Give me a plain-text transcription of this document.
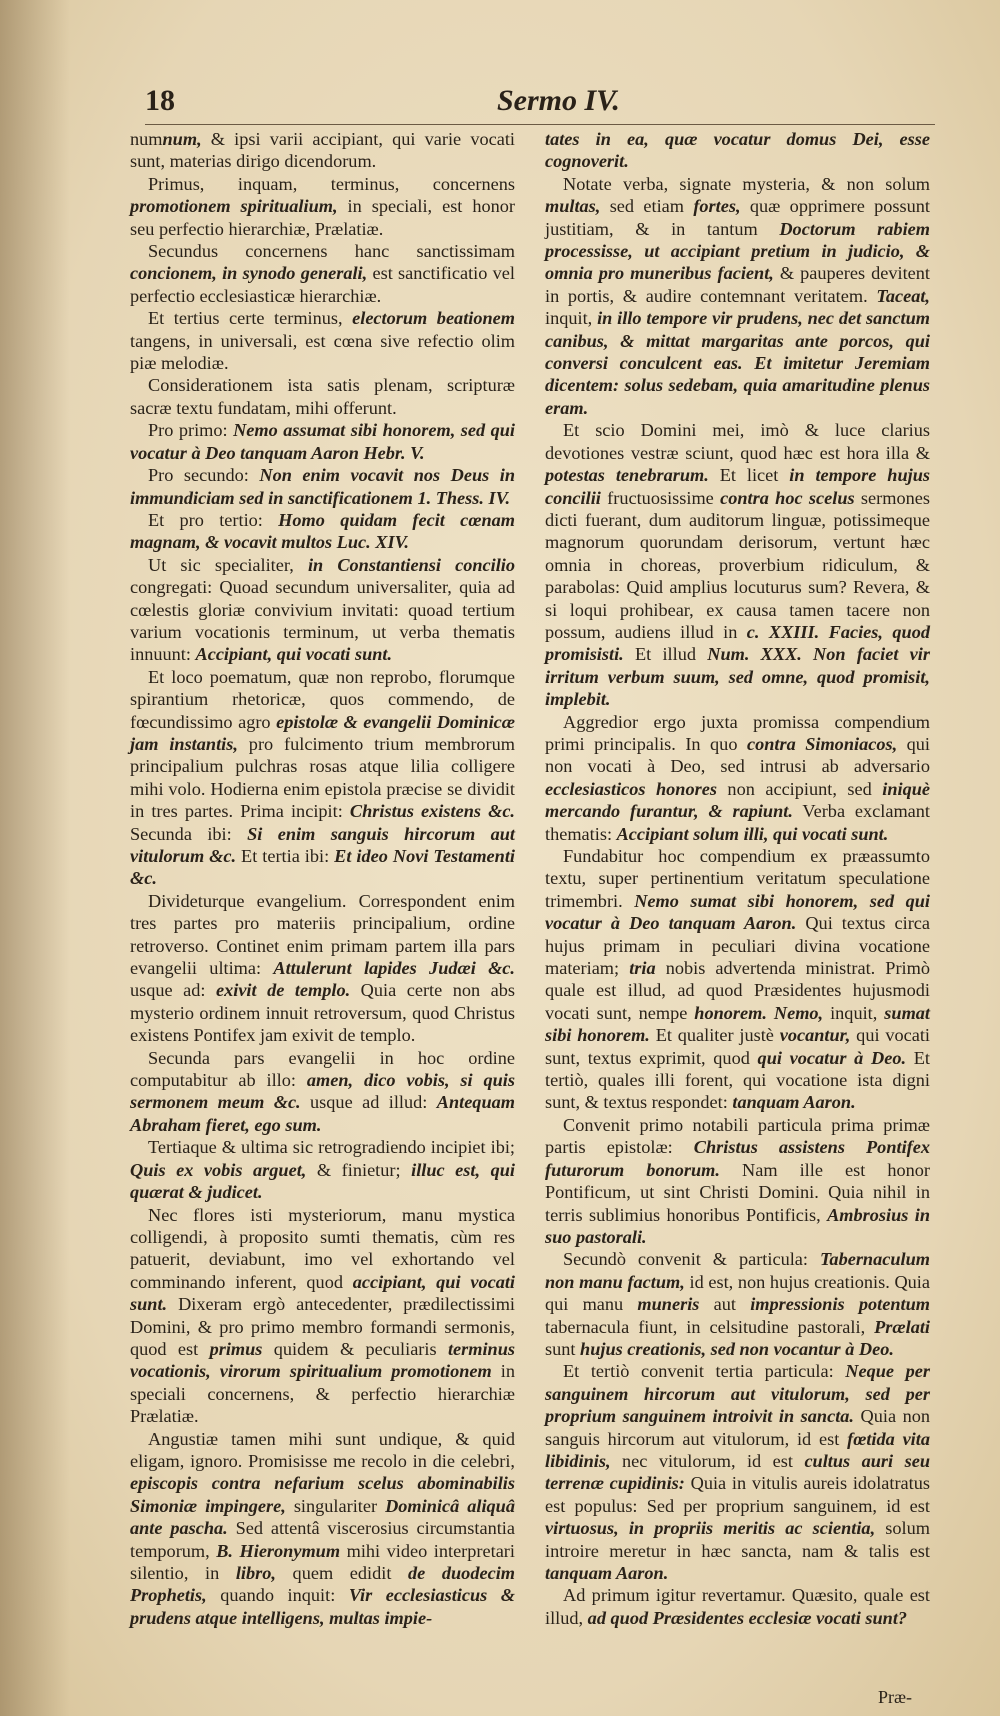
18	Sermo IV.

numnum, & ipsi varii accipiant, qui varie vocati sunt, materias dirigo dicendorum.

Primus, inquam, terminus, concernens promotionem spiritualium, in speciali, est honor seu perfectio hierarchiæ, Prælatiæ.

Secundus concernens hanc sanctissimam concionem, in synodo generali, est sanctificatio vel perfectio ecclesiasticæ hierarchiæ.

Et tertius certe terminus, electorum beationem tangens, in universali, est cœna sive refectio olim piæ melodiæ.

Considerationem ista satis plenam, scripturæ sacræ textu fundatam, mihi offerunt.

Pro primo: Nemo assumat sibi honorem, sed qui vocatur à Deo tanquam Aaron Hebr. V.

Pro secundo: Non enim vocavit nos Deus in immundiciam sed in sanctificationem 1. Thess. IV.

Et pro tertio: Homo quidam fecit cœnam magnam, & vocavit multos Luc. XIV.

Ut sic specialiter, in Constantiensi concilio congregati: Quoad secundum universaliter, quia ad cœlestis gloriæ convivium invitati: quoad tertium varium vocationis terminum, ut verba thematis innuunt: Accipiant, qui vocati sunt.

Et loco poematum, quæ non reprobo, florumque spirantium rhetoricæ, quos commendo, de fœcundissimo agro epistolæ & evangelii Dominicæ jam instantis, pro fulcimento trium membrorum principalium pulchras rosas atque lilia colligere mihi volo. Hodierna enim epistola præcise se dividit in tres partes. Prima incipit: Christus existens &c. Secunda ibi: Si enim sanguis hircorum aut vitulorum &c. Et tertia ibi: Et ideo Novi Testamenti &c.

Divideturque evangelium. Correspondent enim tres partes pro materiis principalium, ordine retroverso. Continet enim primam partem illa pars evangelii ultima: Attulerunt lapides Judæi &c. usque ad: exivit de templo. Quia certe non abs mysterio ordinem innuit retroversum, quod Christus existens Pontifex jam exivit de templo.

Secunda pars evangelii in hoc ordine computabitur ab illo: amen, dico vobis, si quis sermonem meum &c. usque ad illud: Antequam Abraham fieret, ego sum.

Tertiaque & ultima sic retrogradiendo incipiet ibi; Quis ex vobis arguet, & finietur; illuc est, qui quærat & judicet.

Nec flores isti mysteriorum, manu mystica colligendi, à proposito sumti thematis, cùm res patuerit, deviabunt, imo vel exhortando vel comminando inferent, quod accipiant, qui vocati sunt. Dixeram ergò antecedenter, prædilectissimi Domini, & pro primo membro formandi sermonis, quod est primus quidem & peculiaris terminus vocationis, virorum spiritualium promotionem in speciali concernens, & perfectio hierarchiæ Prælatiæ.

Angustiæ tamen mihi sunt undique, & quid eligam, ignoro. Promisisse me recolo in die celebri, episcopis contra nefarium scelus abominabilis Simoniæ impingere, singulariter Dominicâ aliquâ ante pascha. Sed attentâ viscerosius circumstantia temporum, B. Hieronymum mihi video interpretari silentio, in libro, quem edidit de duodecim Prophetis, quando inquit: Vir ecclesiasticus & prudens atque intelligens, multas impie-

tates in ea, quæ vocatur domus Dei, esse cognoverit.

Notate verba, signate mysteria, & non solum multas, sed etiam fortes, quæ opprimere possunt justitiam, & in tantum Doctorum rabiem processisse, ut accipiant pretium in judicio, & omnia pro muneribus facient, & pauperes devitent in portis, & audire contemnant veritatem. Taceat, inquit, in illo tempore vir prudens, nec det sanctum canibus, & mittat margaritas ante porcos, qui conversi conculcent eas. Et imitetur Jeremiam dicentem: solus sedebam, quia amaritudine plenus eram.

Et scio Domini mei, imò & luce clarius devotiones vestræ sciunt, quod hæc est hora illa & potestas tenebrarum. Et licet in tempore hujus concilii fructuosissime contra hoc scelus sermones dicti fuerant, dum auditorum linguæ, potissimeque magnorum quorundam derisorum, vertunt hæc omnia in choreas, proverbium ridiculum, & parabolas: Quid amplius locuturus sum? Revera, & si loqui prohibear, ex causa tamen tacere non possum, audiens illud in c. XXIII. Facies, quod promisisti. Et illud Num. XXX. Non faciet vir irritum verbum suum, sed omne, quod promisit, implebit.

Aggredior ergo juxta promissa compendium primi principalis. In quo contra Simoniacos, qui non vocati à Deo, sed intrusi ab adversario ecclesiasticos honores non accipiunt, sed iniquè mercando furantur, & rapiunt. Verba exclamant thematis: Accipiant solum illi, qui vocati sunt.

Fundabitur hoc compendium ex præassumto textu, super pertinentium veritatum speculatione trimembri. Nemo sumat sibi honorem, sed qui vocatur à Deo tanquam Aaron. Qui textus circa hujus primam in peculiari divina vocatione materiam; tria nobis advertenda ministrat. Primò quale est illud, ad quod Præsidentes hujusmodi vocati sunt, nempe honorem. Nemo, inquit, sumat sibi honorem. Et qualiter justè vocantur, qui vocati sunt, textus exprimit, quod qui vocatur à Deo. Et tertiò, quales illi forent, qui vocatione ista digni sunt, & textus respondet: tanquam Aaron.

Convenit primo notabili particula prima primæ partis epistolæ: Christus assistens Pontifex futurorum bonorum. Nam ille est honor Pontificum, ut sint Christi Domini. Quia nihil in terris sublimius honoribus Pontificis, Ambrosius in suo pastorali.

Secundò convenit & particula: Tabernaculum non manu factum, id est, non hujus creationis. Quia qui manu muneris aut impressionis potentum tabernacula fiunt, in celsitudine pastorali, Prælati sunt hujus creationis, sed non vocantur à Deo.

Et tertiò convenit tertia particula: Neque per sanguinem hircorum aut vitulorum, sed per proprium sanguinem introivit in sancta. Quia non sanguis hircorum aut vitulorum, id est fœtida vita libidinis, nec vitulorum, id est cultus auri seu terrenæ cupidinis: Quia in vitulis aureis idolatratus est populus: Sed per proprium sanguinem, id est virtuosus, in propriis meritis ac scientia, solum introire meretur in hæc sancta, nam & talis est tanquam Aaron.

Ad primum igitur revertamur. Quæsito, quale est illud, ad quod Præsidentes ecclesiæ vocati sunt?

Præ-
